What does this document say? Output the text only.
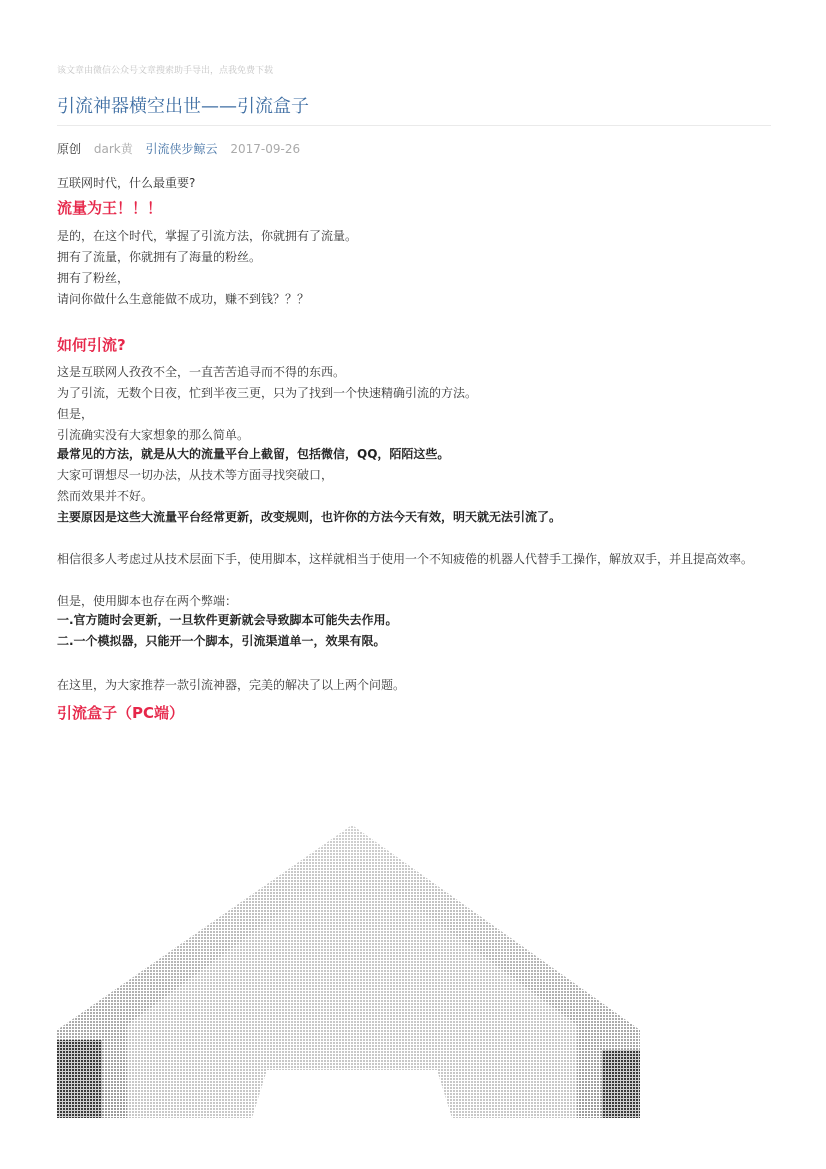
该文章由微信公众号文章搜索助手导出，点我免费下载
引流神器横空出世——引流盒子
原创 dark黄 引流侠步鲸云 2017-09-26
互联网时代，什么最重要?
流量为王！！！
是的，在这个时代，掌握了引流方法，你就拥有了流量。
拥有了流量，你就拥有了海量的粉丝。
拥有了粉丝，
请问你做什么生意能做不成功，赚不到钱？？？
如何引流?
这是互联网人孜孜不全，一直苦苦追寻而不得的东西。
为了引流，无数个日夜，忙到半夜三更，只为了找到一个快速精确引流的方法。
但是，
引流确实没有大家想象的那么简单。
最常见的方法，就是从大的流量平台上截留，包括微信，QQ，陌陌这些。
大家可谓想尽一切办法，从技术等方面寻找突破口，
然而效果并不好。
主要原因是这些大流量平台经常更新，改变规则，也许你的方法今天有效，明天就无法引流了。
相信很多人考虑过从技术层面下手，使用脚本，这样就相当于使用一个不知疲倦的机器人代替手工操作，解放双手，并且提高效率。
但是，使用脚本也存在两个弊端：
一.官方随时会更新，一旦软件更新就会导致脚本可能失去作用。
二.一个模拟器，只能开一个脚本，引流渠道单一，效果有限。
在这里，为大家推荐一款引流神器，完美的解决了以上两个问题。
引流盒子（PC端）
